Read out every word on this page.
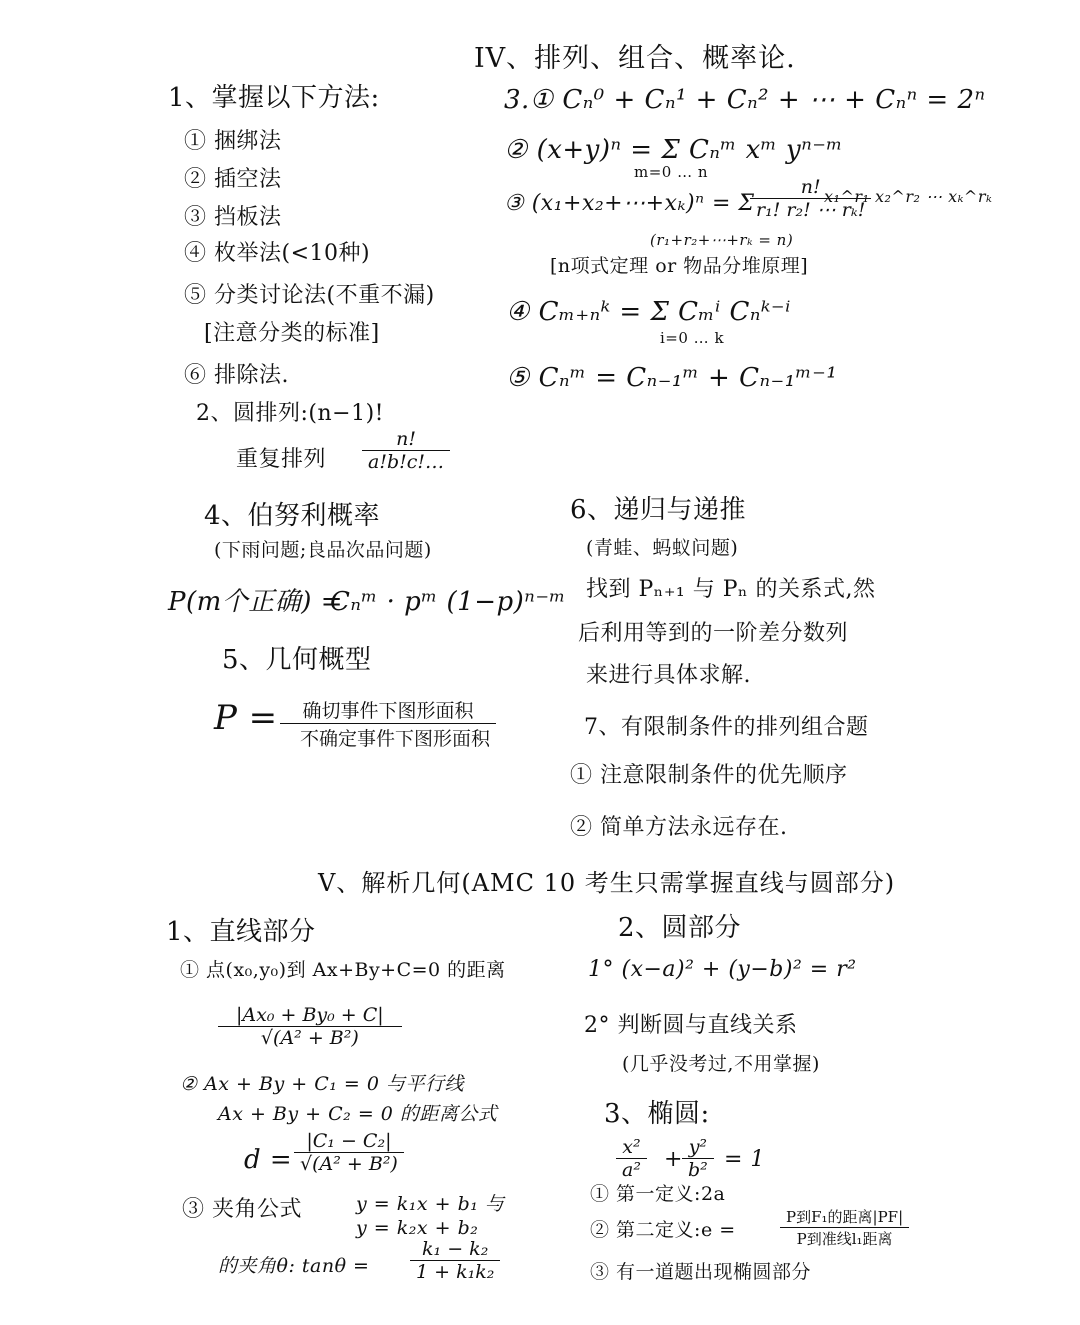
1、掌握以下方法:
① 捆绑法
② 插空法
③ 挡板法
④ 枚举法(<10种)
⑤ 分类讨论法(不重不漏)
[注意分类的标准]
⑥ 排除法.
2、圆排列:(n−1)!
重复排列 $\frac{n!}{a!b!c!\dots}$
4、伯努利概率
(下雨问题;良品次品问题)
P(m个正确) =
Cₙᵐ · pᵐ (1−p)ⁿ⁻ᵐ
5、几何概型
P =	确切事件下图形面积
不确定事件下图形面积
IV、排列、组合、概率论.
3.① Cₙ⁰ + Cₙ¹ + Cₙ² + ⋯ + Cₙⁿ = 2ⁿ
② (x+y)ⁿ = Σ Cₙᵐ xᵐ yⁿ⁻ᵐ
m=0 … n
③ (x₁+x₂+⋯+xₖ)ⁿ = Σ
$\frac{n!}{\text{r₁! r₂! ⋯ rₖ!}}$
x₁^r₁ x₂^r₂ ⋯ xₖ^rₖ
(r₁+r₂+⋯+rₖ = n)
[n项式定理 or 物品分堆原理]
④ Cₘ₊ₙᵏ = Σ Cₘⁱ Cₙᵏ⁻ⁱ
i=0 … k
⑤ Cₙᵐ = Cₙ₋₁ᵐ + Cₙ₋₁ᵐ⁻¹
6、递归与递推
(青蛙、蚂蚁问题)
找到 Pₙ₊₁ 与 Pₙ 的关系式,然
后利用等到的一阶差分数列
来进行具体求解.
7、有限制条件的排列组合题
① 注意限制条件的优先顺序
② 简单方法永远存在.
V、解析几何(AMC 10 考生只需掌握直线与圆部分)
1、直线部分
① 点(x₀,y₀)到 Ax+By+C=0 的距离
$\frac{\text{|Ax₀ + By₀ + C|}}{\text{√(A² + B²)}}$
② Ax + By + C₁ = 0 与平行线
Ax + By + C₂ = 0 的距离公式
$d = \frac{\text{|C₁ − C₂|}}{\text{√(A² + B²)}}$
③ 夹角公式	y = k₁x + b₁ 与
y = k₂x + b₂
的夹角θ: $\tan\theta = \frac{\text{k₁ − k₂}}{\text{1 + k₁k₂}}$
2、圆部分
1° (x−a)² + (y−b)² = r²
2° 判断圆与直线关系
(几乎没考过,不用掌握)
3、椭圆:
$\frac{\text{x²}}{\text{a²}} + \frac{\text{y²}}{\text{b²}} = 1$
① 第一定义:2a
② 第二定义:e =
P到F₁的距离|PF|
P到准线l₁距离
③ 有一道题出现椭圆部分
